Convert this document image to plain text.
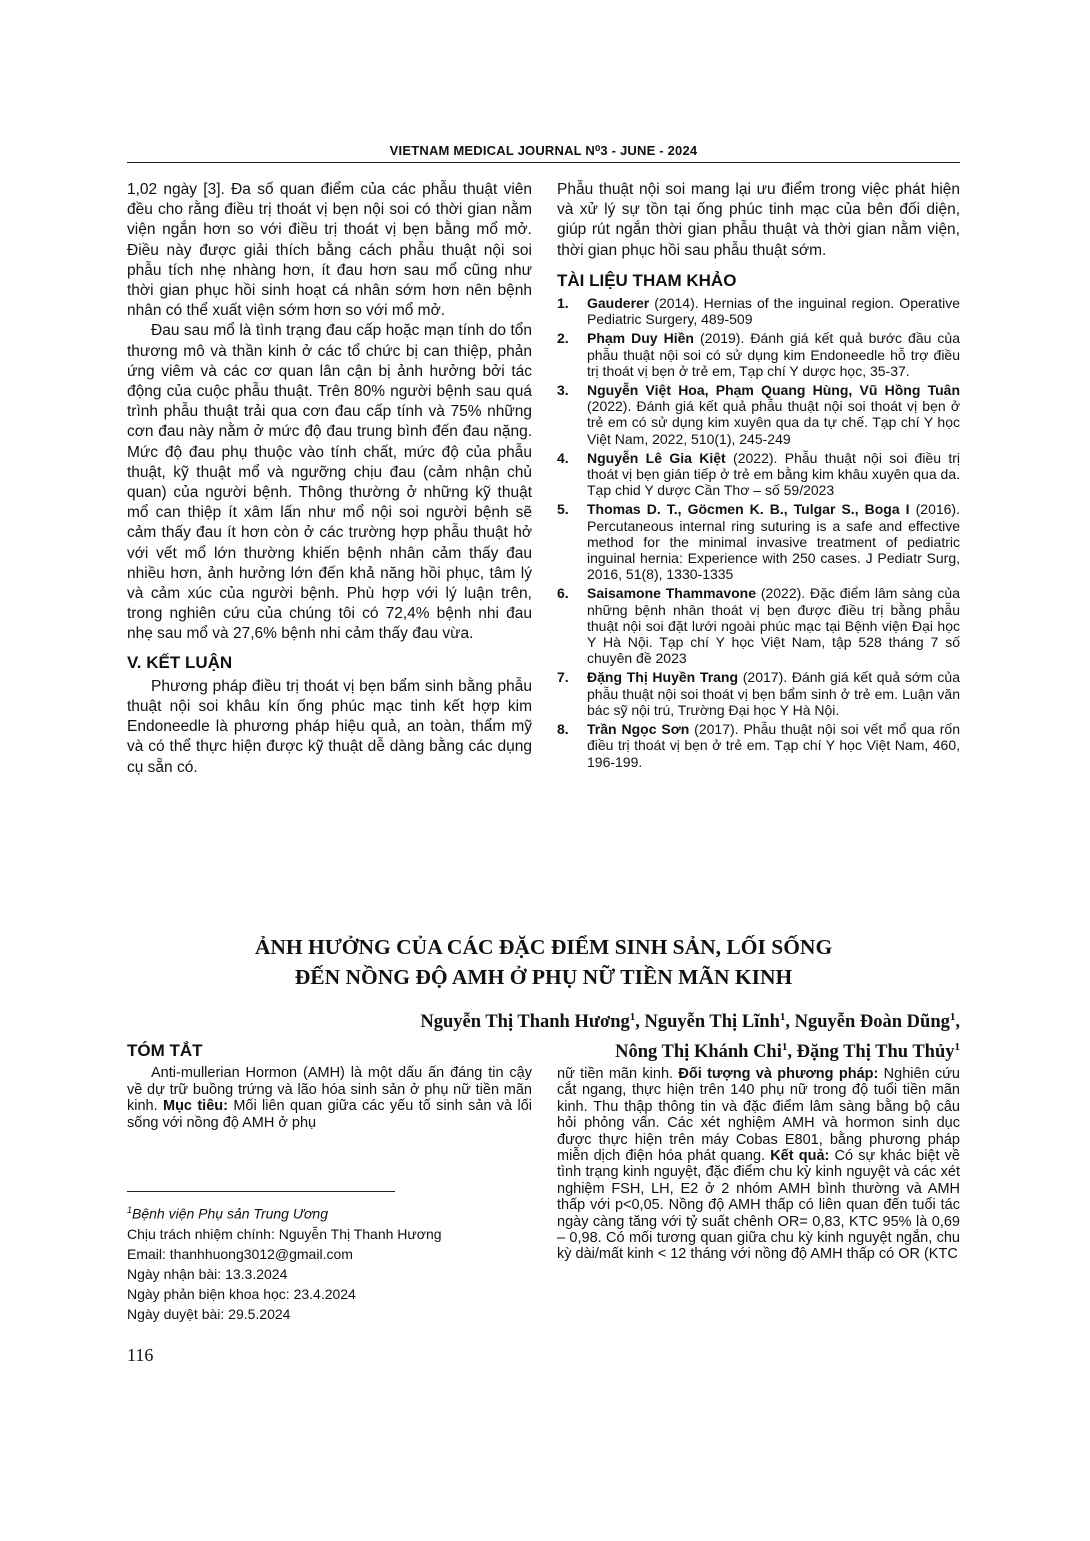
VIETNAM MEDICAL JOURNAL N⁰3 - JUNE - 2024

1,02 ngày [3]. Đa số quan điểm của các phẫu thuật viên đều cho rằng điều trị thoát vị bẹn nội soi có thời gian nằm viện ngắn hơn so với điều trị thoát vị bẹn bằng mổ mở. Điều này được giải thích bằng cách phẫu thuật nội soi phẫu tích nhẹ nhàng hơn, ít đau hơn sau mổ cũng như thời gian phục hồi sinh hoạt cá nhân sớm hơn nên bệnh nhân có thể xuất viện sớm hơn so với mổ mở.

Đau sau mổ là tình trạng đau cấp hoặc mạn tính do tổn thương mô và thần kinh ở các tổ chức bị can thiệp, phản ứng viêm và các cơ quan lân cận bị ảnh hưởng bởi tác động của cuộc phẫu thuật. Trên 80% người bệnh sau quá trình phẫu thuật trải qua cơn đau cấp tính và 75% những cơn đau này nằm ở mức độ đau trung bình đến đau nặng. Mức độ đau phụ thuộc vào tính chất, mức độ của phẫu thuật, kỹ thuật mổ và ngưỡng chịu đau (cảm nhận chủ quan) của người bệnh. Thông thường ở những kỹ thuật mổ can thiệp ít xâm lấn như mổ nội soi người bệnh sẽ cảm thấy đau ít hơn còn ở các trường hợp phẫu thuật hở với vết mổ lớn thường khiến bệnh nhân cảm thấy đau nhiều hơn, ảnh hưởng lớn đến khả năng hồi phục, tâm lý và cảm xúc của người bệnh. Phù hợp với lý luận trên, trong nghiên cứu của chúng tôi có 72,4% bệnh nhi đau nhẹ sau mổ và 27,6% bệnh nhi cảm thấy đau vừa.

V. KẾT LUẬN

Phương pháp điều trị thoát vị bẹn bẩm sinh bằng phẫu thuật nội soi khâu kín ống phúc mạc tinh kết hợp kim Endoneedle là phương pháp hiệu quả, an toàn, thẩm mỹ và có thể thực hiện được kỹ thuật dễ dàng bằng các dụng cụ sẵn có.

Phẫu thuật nội soi mang lại ưu điểm trong việc phát hiện và xử lý sự tồn tại ống phúc tinh mạc của bên đối diện, giúp rút ngắn thời gian phẫu thuật và thời gian nằm viện, thời gian phục hồi sau phẫu thuật sớm.

TÀI LIỆU THAM KHẢO
1.	Gauderer (2014). Hernias of the inguinal region. Operative Pediatric Surgery, 489-509
2.	Phạm Duy Hiền (2019). Đánh giá kết quả bước đầu của phẫu thuật nội soi có sử dụng kim Endoneedle hỗ trợ điều trị thoát vị bẹn ở trẻ em, Tạp chí Y dược học, 35-37.
3.	Nguyễn Việt Hoa, Phạm Quang Hùng, Vũ Hồng Tuân (2022). Đánh giá kết quả phẫu thuật nội soi thoát vị bẹn ở trẻ em có sử dụng kim xuyên qua da tự chế. Tạp chí Y học Việt Nam, 2022, 510(1), 245-249
4.	Nguyễn Lê Gia Kiệt (2022). Phẫu thuật nội soi điều trị thoát vị bẹn gián tiếp ở trẻ em bằng kim khâu xuyên qua da. Tạp chid Y dược Cần Thơ – số 59/2023
5.	Thomas D. T., Göcmen K. B., Tulgar S., Boga I (2016). Percutaneous internal ring suturing is a safe and effective method for the minimal invasive treatment of pediatric inguinal hernia: Experience with 250 cases. J Pediatr Surg, 2016, 51(8), 1330-1335
6.	Saisamone Thammavone (2022). Đặc điểm lâm sàng của những bệnh nhân thoát vị bẹn được điều trị bằng phẫu thuật nội soi đặt lưới ngoài phúc mạc tại Bệnh viện Đại học Y Hà Nội. Tạp chí Y học Việt Nam, tập 528 tháng 7 số chuyên đề 2023
7.	Đặng Thị Huyền Trang (2017). Đánh giá kết quả sớm của phẫu thuật nội soi thoát vị bẹn bẩm sinh ở trẻ em. Luận văn bác sỹ nội trú, Trường Đại học Y Hà Nội.
8.	Trần Ngọc Sơn (2017). Phẫu thuật nội soi vết mổ qua rốn điều trị thoát vị bẹn ở trẻ em. Tạp chí Y học Việt Nam, 460, 196-199.
ẢNH HƯỞNG CỦA CÁC ĐẶC ĐIỂM SINH SẢN, LỐI SỐNG
ĐẾN NỒNG ĐỘ AMH Ở PHỤ NỮ TIỀN MÃN KINH
Nguyễn Thị Thanh Hương$^1$, Nguyễn Thị Lĩnh$^1$, Nguyễn Đoàn Dũng$^1$,
Nông Thị Khánh Chi$^1$, Đặng Thị Thu Thủy$^1$
TÓM TẮT

Anti-mullerian Hormon (AMH) là một dấu ấn đáng tin cậy về dự trữ buồng trứng và lão hóa sinh sản ở phụ nữ tiền mãn kinh. Mục tiêu: Mối liên quan giữa các yếu tố sinh sản và lối sống với nồng độ AMH ở phụ

nữ tiền mãn kinh. Đối tượng và phương pháp: Nghiên cứu cắt ngang, thực hiện trên 140 phụ nữ trong độ tuổi tiền mãn kinh. Thu thập thông tin và đặc điểm lâm sàng bằng bộ câu hỏi phỏng vấn. Các xét nghiệm AMH và hormon sinh dục được thực hiện trên máy Cobas E801, bằng phương pháp miễn dịch điện hóa phát quang. Kết quả: Có sự khác biệt về tình trạng kinh nguyệt, đặc điểm chu kỳ kinh nguyệt và các xét nghiệm FSH, LH, E2 ở 2 nhóm AMH bình thường và AMH thấp với p<0,05. Nồng độ AMH thấp có liên quan đến tuổi tác ngày càng tăng với tỷ suất chênh OR= 0,83, KTC 95% là 0,69 – 0,98. Có mối tương quan giữa chu kỳ kinh nguyệt ngắn, chu kỳ dài/mất kinh < 12 tháng với nồng độ AMH thấp có OR (KTC

$^1$Bệnh viện Phụ sản Trung Ương
Chịu trách nhiệm chính: Nguyễn Thị Thanh Hương
Email: thanhhuong3012@gmail.com
Ngày nhận bài: 13.3.2024
Ngày phản biện khoa học: 23.4.2024
Ngày duyệt bài: 29.5.2024
116
